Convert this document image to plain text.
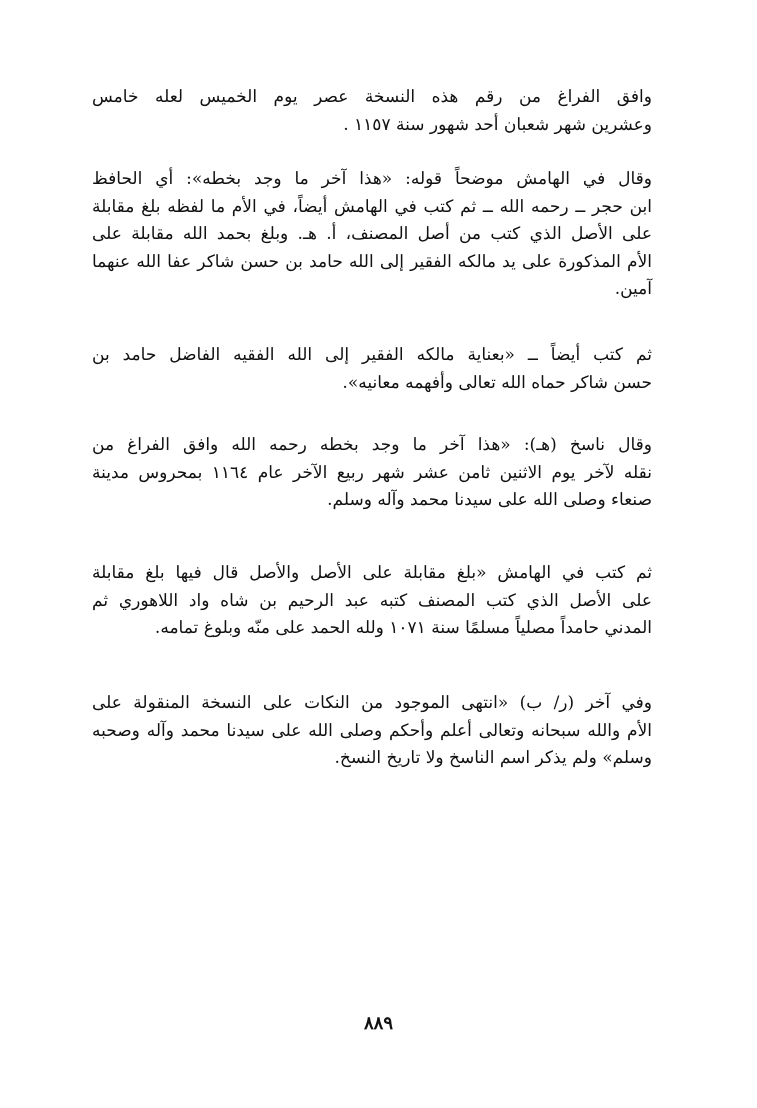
وافق الفراغ من رقم هذه النسخة عصر يوم الخميس لعله خامس
وعشرين شهر شعبان أحد شهور سنة ١١٥٧ .
وقال في الهامش موضحاً قوله: «هذا آخر ما وجد بخطه»: أي الحافظ
ابن حجر ــ رحمه الله ــ ثم كتب في الهامش أيضاً، في الأم ما لفظه بلغ مقابلة
على الأصل الذي كتب من أصل المصنف، أ. هـ. وبلغ بحمد الله مقابلة على
الأم المذكورة على يد مالكه الفقير إلى الله حامد بن حسن شاكر عفا الله عنهما
آمين.
ثم كتب أيضاً ــ «بعناية مالكه الفقير إلى الله الفقيه الفاضل حامد بن
حسن شاكر حماه الله تعالى وأفهمه معانيه».
وقال ناسخ (هـ): «هذا آخر ما وجد بخطه رحمه الله وافق الفراغ من
نقله لآخر يوم الاثنين ثامن عشر شهر ربيع الآخر عام ١١٦٤ بمحروس مدينة
صنعاء وصلى الله على سيدنا محمد وآله وسلم.
ثم كتب في الهامش «بلغ مقابلة على الأصل والأصل قال فيها بلغ مقابلة
على الأصل الذي كتب المصنف كتبه عبد الرحيم بن شاه واد اللاهوري ثم
المدني حامداً مصلياً مسلمًا سنة ١٠٧١ ولله الحمد على منّه وبلوغ تمامه.
وفي آخر (ر/ ب) «انتهى الموجود من النكات على النسخة المنقولة على
الأم والله سبحانه وتعالى أعلم وأحكم وصلى الله على سيدنا محمد وآله وصحبه
وسلم» ولم يذكر اسم الناسخ ولا تاريخ النسخ.
٨٨٩
